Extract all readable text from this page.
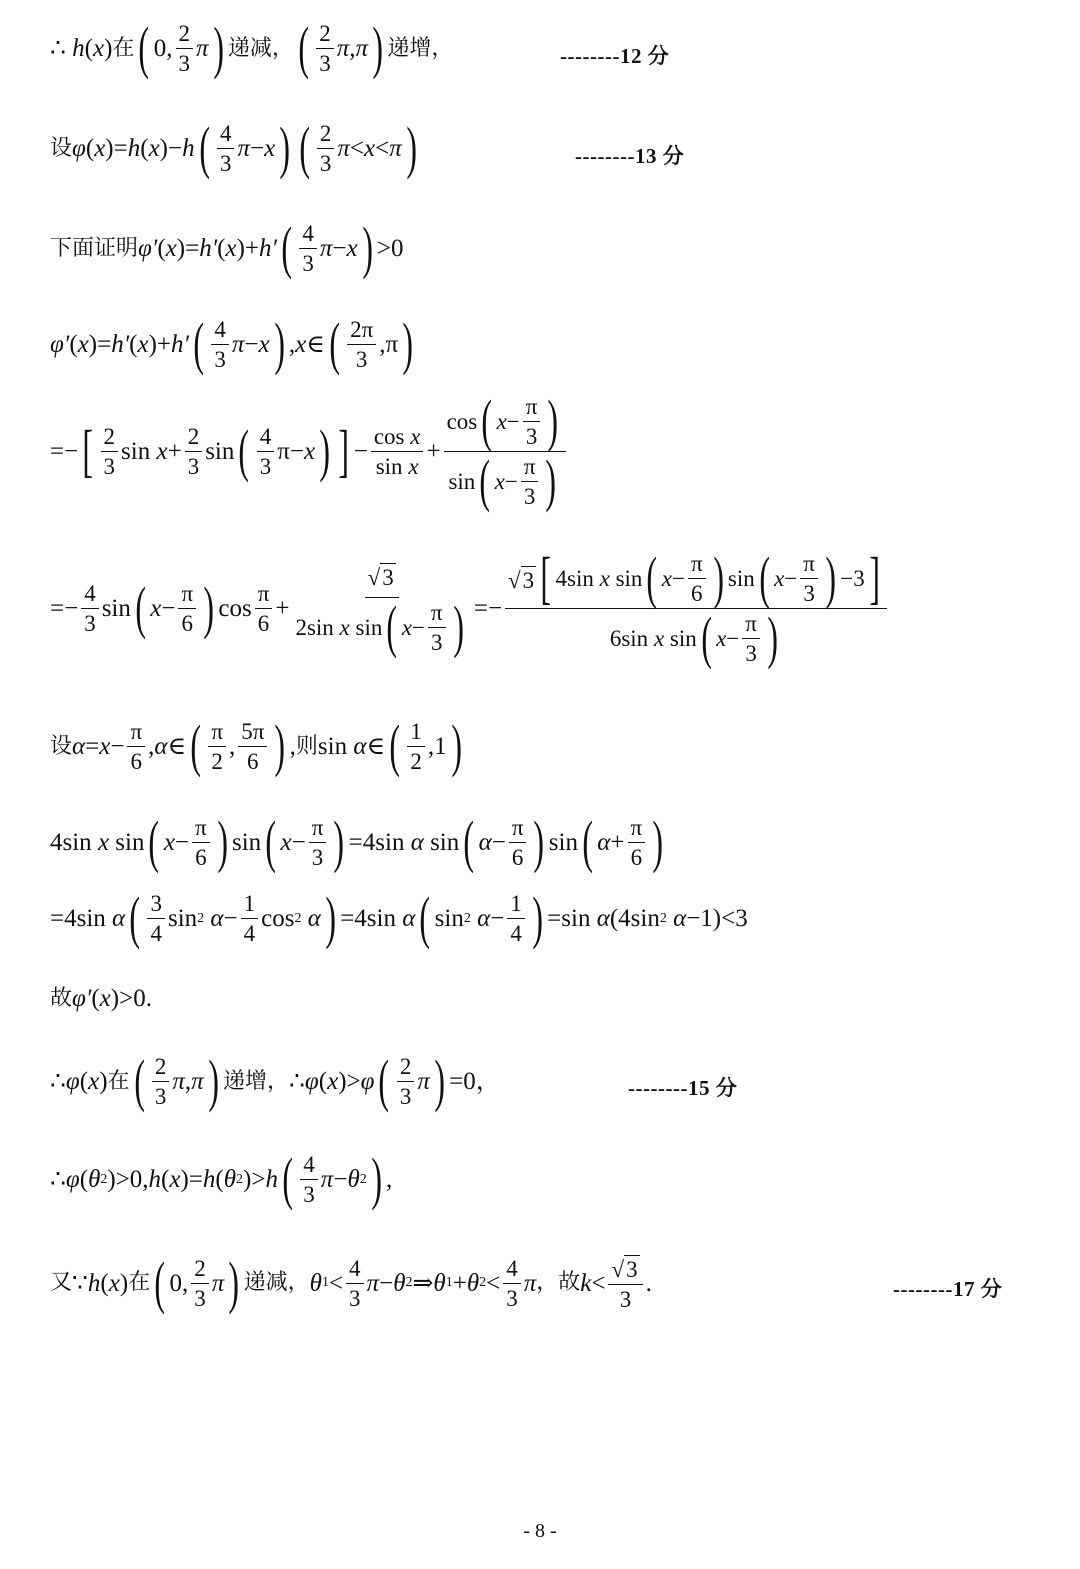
∴ h ( x ) 在 ( 0, $\frac{2}{3}$ π ) 递减， ( $\frac{2}{3}$ π , π ) 递增，	--------12 分
设 φ ( x )= h ( x )− h ( $\frac{4}{3}$ π − x ) ( $\frac{2}{3}$ π < x < π )	--------13 分
下面证明 φ′ ( x )= h′ ( x )+ h′ ( $\frac{4}{3}$ π − x ) >0
φ′ ( x )= h′ ( x )+ h′ ( $\frac{4}{3}$ π − x ) , x ∈ ( $\frac{2\pi}{3} ,\pi$ )
=− [ $\frac{2}{3}$ $\sin x + \frac{2}{3}$ sin ( $\frac{4}{3} \pi- x$ ) ] − $\frac{\text{cos x}}{\text{sin x}} + \frac{\cos ( x - \frac{\pi}{3} )}{\sin ( x - \frac{\pi}{3} )}$
=− $\frac{4}{3}$ sin ( $x - \frac{\pi}{6}$ ) $\cos \frac{\pi}{6} + \frac{√ 3}{2\sin x \sin ( x - \frac{\pi}{3} )} =- \frac{√ 3 [ 4\sin x \sin ( x - \frac{\pi}{6} ) \sin ( x - \frac{\pi}{3} ) -3 ]}{6\sin x \sin ( x - \frac{\pi}{3} )}$
设 $\alpha = x - \frac{\pi}{6}$ , α ∈ ( $\frac{\pi}{2}$ , $\frac{5\pi}{6}$ ) , 则 sin α ∈ ( $\frac{1}{2} ,1$ )
4sin x sin ( $x - \frac{\pi}{6}$ ) sin ( $x - \frac{\pi}{3}$ ) =4sin α sin ( $\alpha - \frac{\pi}{6}$ ) sin ( $\alpha + \frac{\pi}{6}$ )
=4sin α ( $\frac{3}{4}$ sin 2 $\alpha - \frac{1}{4}$ cos 2 α ) =4sin α ( sin 2 $\alpha - \frac{1}{4}$ ) =sin α (4sin 2 α −1)<3
故 φ′ ( x )>0.
∴ φ ( x ) 在 ( $\frac{2}{3}$ π , π ) 递增， ∴ φ ( x )> φ ( $\frac{2}{3}$ π ) =0，	--------15 分
∴ φ ( θ 2 )>0, h ( x )= h ( θ 2 )> h ( $\frac{4}{3}$ π − θ 2 ) ,
又 ∵ h ( x ) 在 ( 0, $\frac{2}{3}$ π ) 递减， θ $1 < \frac{4}{3}$ π − θ 2 ⇒ θ 1 + θ $2 < \frac{4}{3}$ π ，故 $k < \frac{√ 3}{3}$ .	--------17 分
- 8 -
